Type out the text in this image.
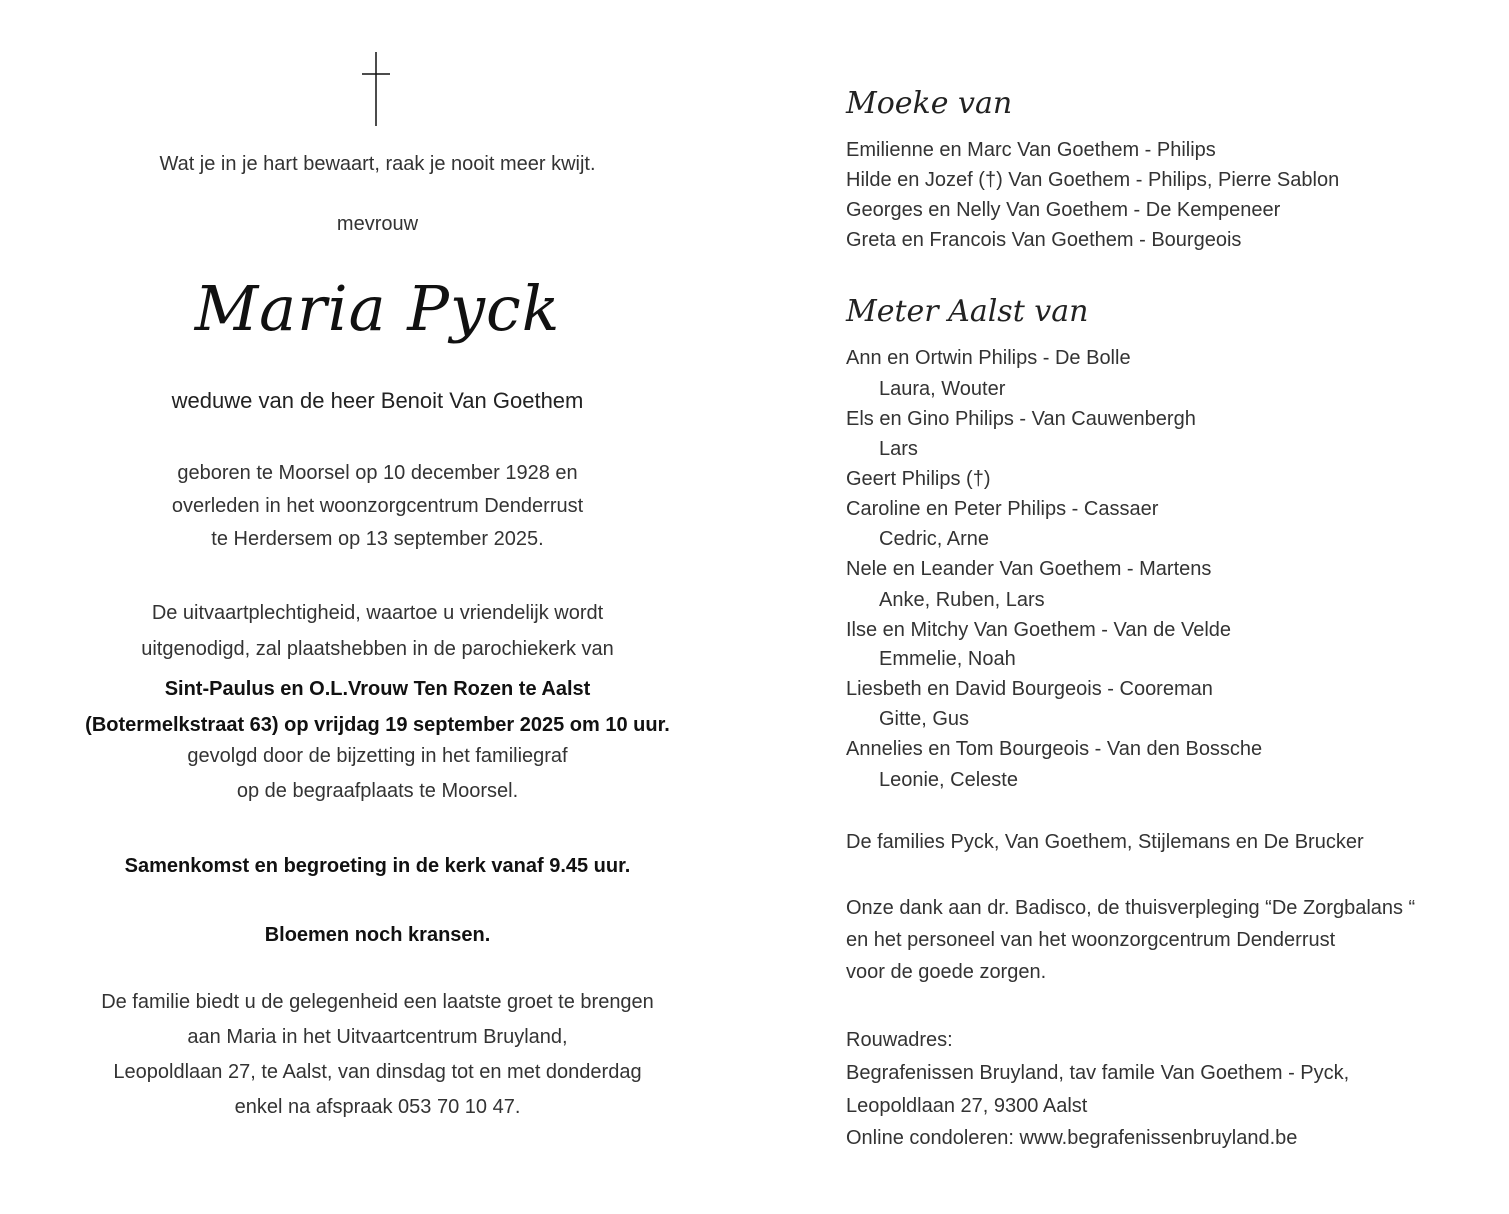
Wat je in je hart bewaart, raak je nooit meer kwijt.
mevrouw
Maria Pyck
weduwe van de heer Benoit Van Goethem
geboren te Moorsel op 10 december 1928 en
overleden in het woonzorgcentrum Denderrust
te Herdersem op 13 september 2025.
De uitvaartplechtigheid, waartoe u vriendelijk wordt
uitgenodigd, zal plaatshebben in de parochiekerk van
Sint-Paulus en O.L.Vrouw Ten Rozen te Aalst
(Botermelkstraat 63) op vrijdag 19 september 2025 om 10 uur.
gevolgd door de bijzetting in het familiegraf
op de begraafplaats te Moorsel.
Samenkomst en begroeting in de kerk vanaf 9.45 uur.
Bloemen noch kransen.
De familie biedt u de gelegenheid een laatste groet te brengen
aan Maria in het Uitvaartcentrum Bruyland,
Leopoldlaan 27, te Aalst, van dinsdag tot en met donderdag
enkel na afspraak 053 70 10 47.
Moeke van
Emilienne en Marc Van Goethem - Philips
Hilde en Jozef (†) Van Goethem - Philips, Pierre Sablon
Georges en Nelly Van Goethem - De Kempeneer
Greta en Francois Van Goethem - Bourgeois
Meter Aalst van
Ann en Ortwin Philips - De Bolle
Laura, Wouter
Els en Gino Philips - Van Cauwenbergh
Lars
Geert Philips (†)
Caroline en Peter Philips - Cassaer
Cedric, Arne
Nele en Leander Van Goethem - Martens
Anke, Ruben, Lars
Ilse en Mitchy Van Goethem - Van de Velde
Emmelie, Noah
Liesbeth en David Bourgeois - Cooreman
Gitte, Gus
Annelies en Tom Bourgeois - Van den Bossche
Leonie, Celeste
De families Pyck, Van Goethem, Stijlemans en De Brucker
Onze dank aan dr. Badisco, de thuisverpleging “De Zorgbalans “
en het personeel van het woonzorgcentrum Denderrust
voor de goede zorgen.
Rouwadres:
Begrafenissen Bruyland, tav famile Van Goethem - Pyck,
Leopoldlaan 27, 9300 Aalst
Online condoleren: www.begrafenissenbruyland.be
